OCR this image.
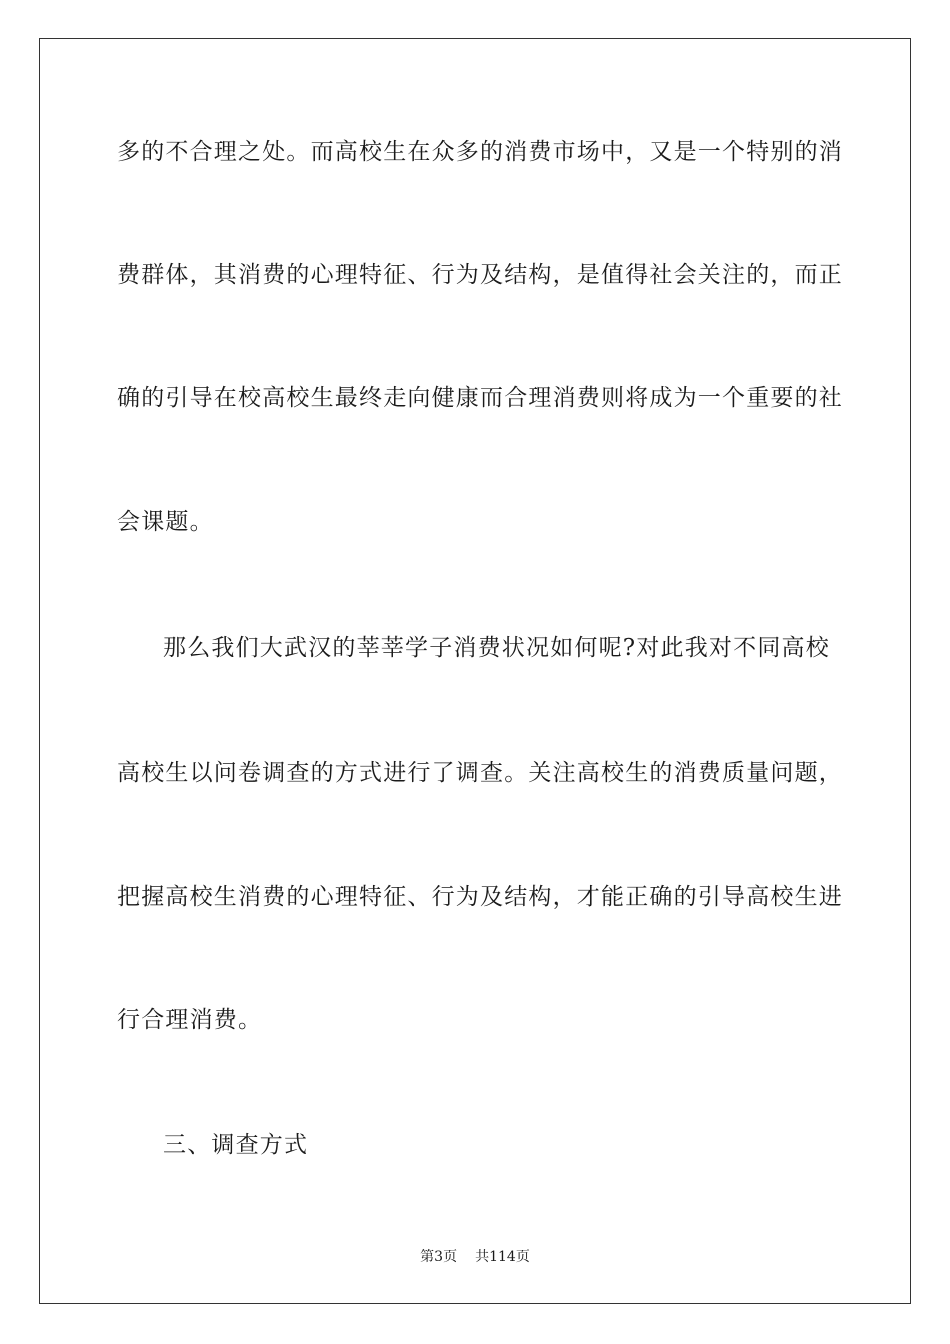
多的不合理之处。而高校生在众多的消费市场中，又是一个特别的消
费群体，其消费的心理特征、行为及结构，是值得社会关注的，而正
确的引导在校高校生最终走向健康而合理消费则将成为一个重要的社
会课题。
那么我们大武汉的莘莘学子消费状况如何呢?对此我对不同高校
高校生以问卷调查的方式进行了调查。关注高校生的消费质量问题，
把握高校生消费的心理特征、行为及结构，才能正确的引导高校生进
行合理消费。
三、调查方式
第3页 共114页
